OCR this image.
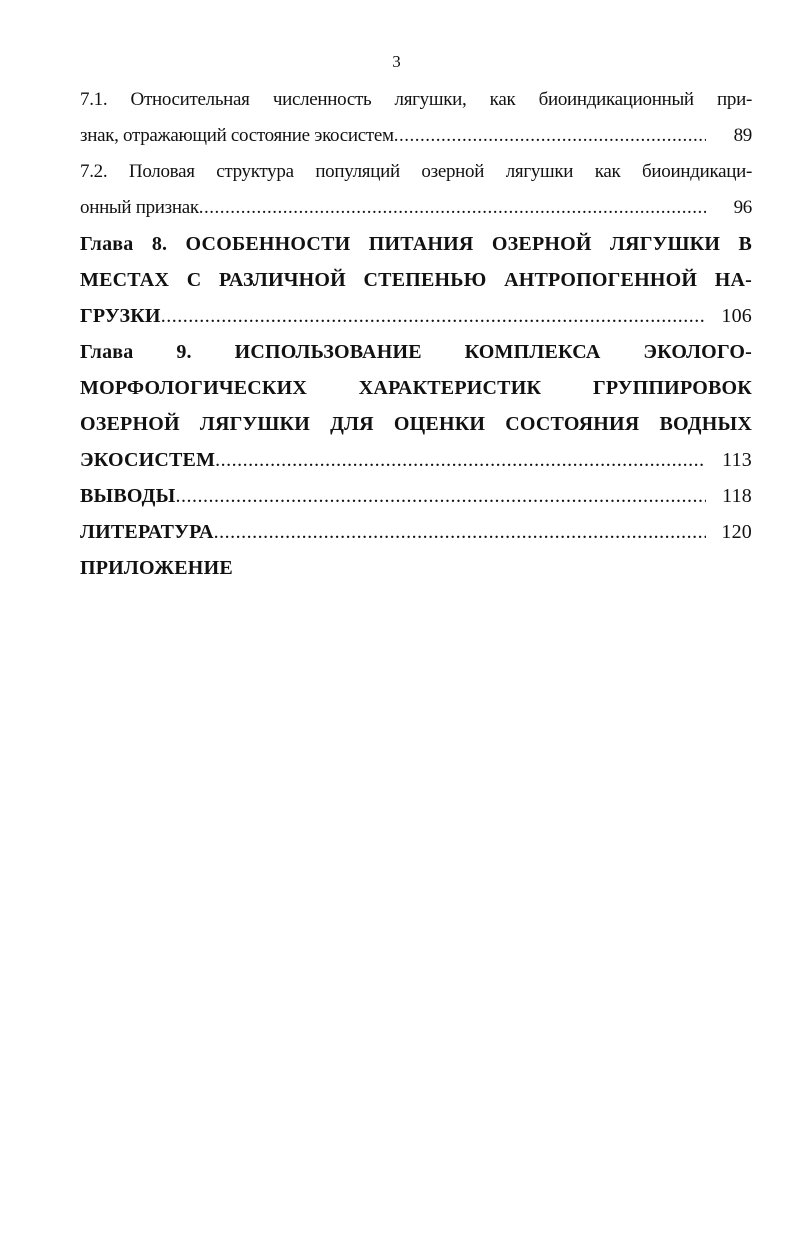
3
7.1. Относительная численность лягушки, как биоиндикационный при-
знак, отражающий состояние экосистем .....	89
7.2. Половая структура популяций озерной лягушки как биоиндикаци-
онный признак .....	96
Глава 8. ОСОБЕННОСТИ ПИТАНИЯ ОЗЕРНОЙ ЛЯГУШКИ В
МЕСТАХ С РАЗЛИЧНОЙ СТЕПЕНЬЮ АНТРОПОГЕННОЙ НА-
ГРУЗКИ .....	106
Глава 9. ИСПОЛЬЗОВАНИЕ КОМПЛЕКСА ЭКОЛОГО-
МОРФОЛОГИЧЕСКИХ ХАРАКТЕРИСТИК ГРУППИРОВОК
ОЗЕРНОЙ ЛЯГУШКИ ДЛЯ ОЦЕНКИ СОСТОЯНИЯ ВОДНЫХ
ЭКОСИСТЕМ .....	113
ВЫВОДЫ .....	118
ЛИТЕРАТУРА .....	120
ПРИЛОЖЕНИЕ
